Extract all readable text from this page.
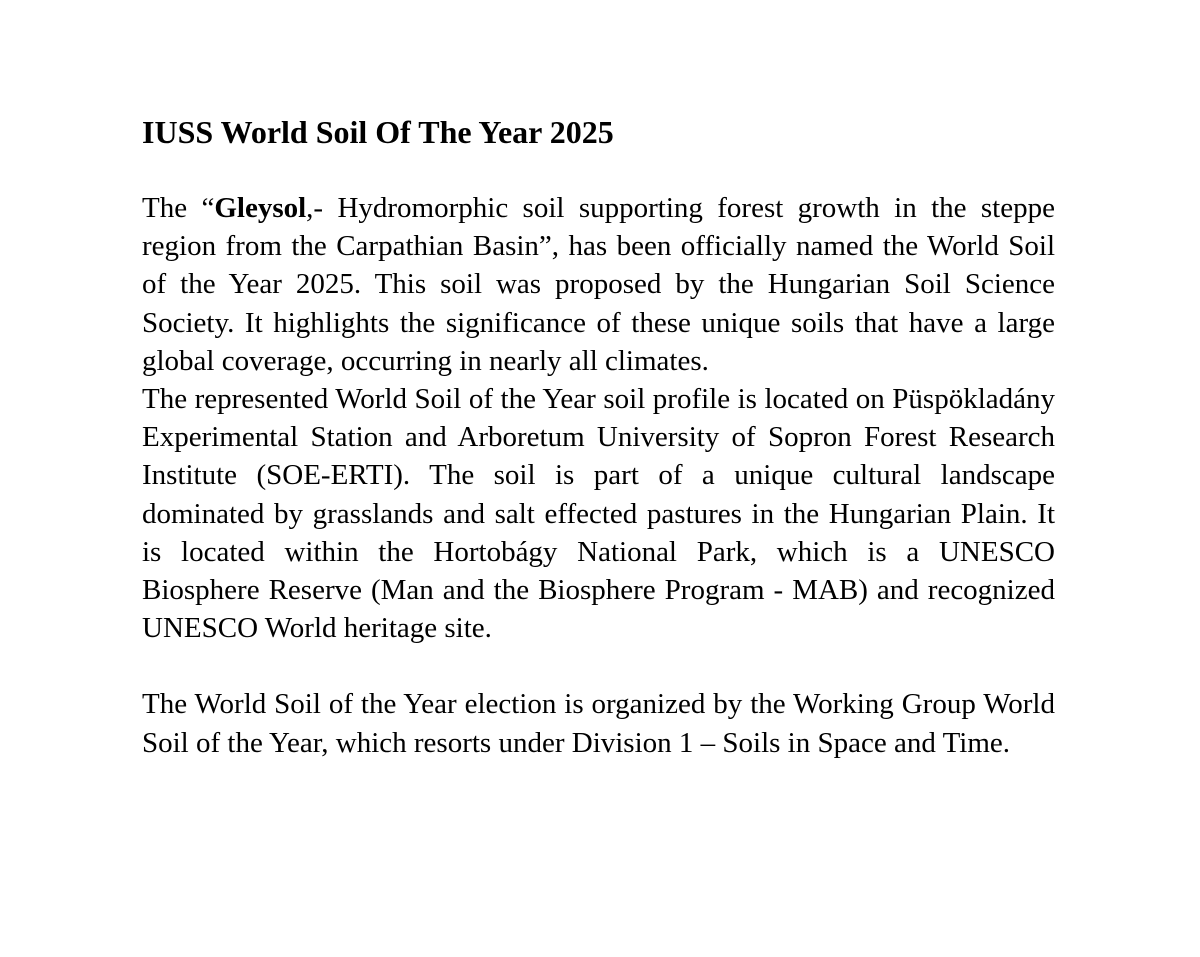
IUSS World Soil Of The Year 2025

The “Gleysol,- Hydromorphic soil supporting forest growth in the steppe region from the Carpathian Basin”, has been officially named the World Soil of the Year 2025. This soil was proposed by the Hungarian Soil Science Society. It highlights the significance of these unique soils that have a large global coverage, occurring in nearly all climates.

The represented World Soil of the Year soil profile is located on Püspökladány Experimental Station and Arboretum University of Sopron Forest Research Institute (SOE-ERTI). The soil is part of a unique cultural landscape dominated by grasslands and salt effected pastures in the Hungarian Plain. It is located within the Hortobágy National Park, which is a UNESCO Biosphere Reserve (Man and the Biosphere Program - MAB) and recognized UNESCO World heritage site.

The World Soil of the Year election is organized by the Working Group World Soil of the Year, which resorts under Division 1 – Soils in Space and Time.
